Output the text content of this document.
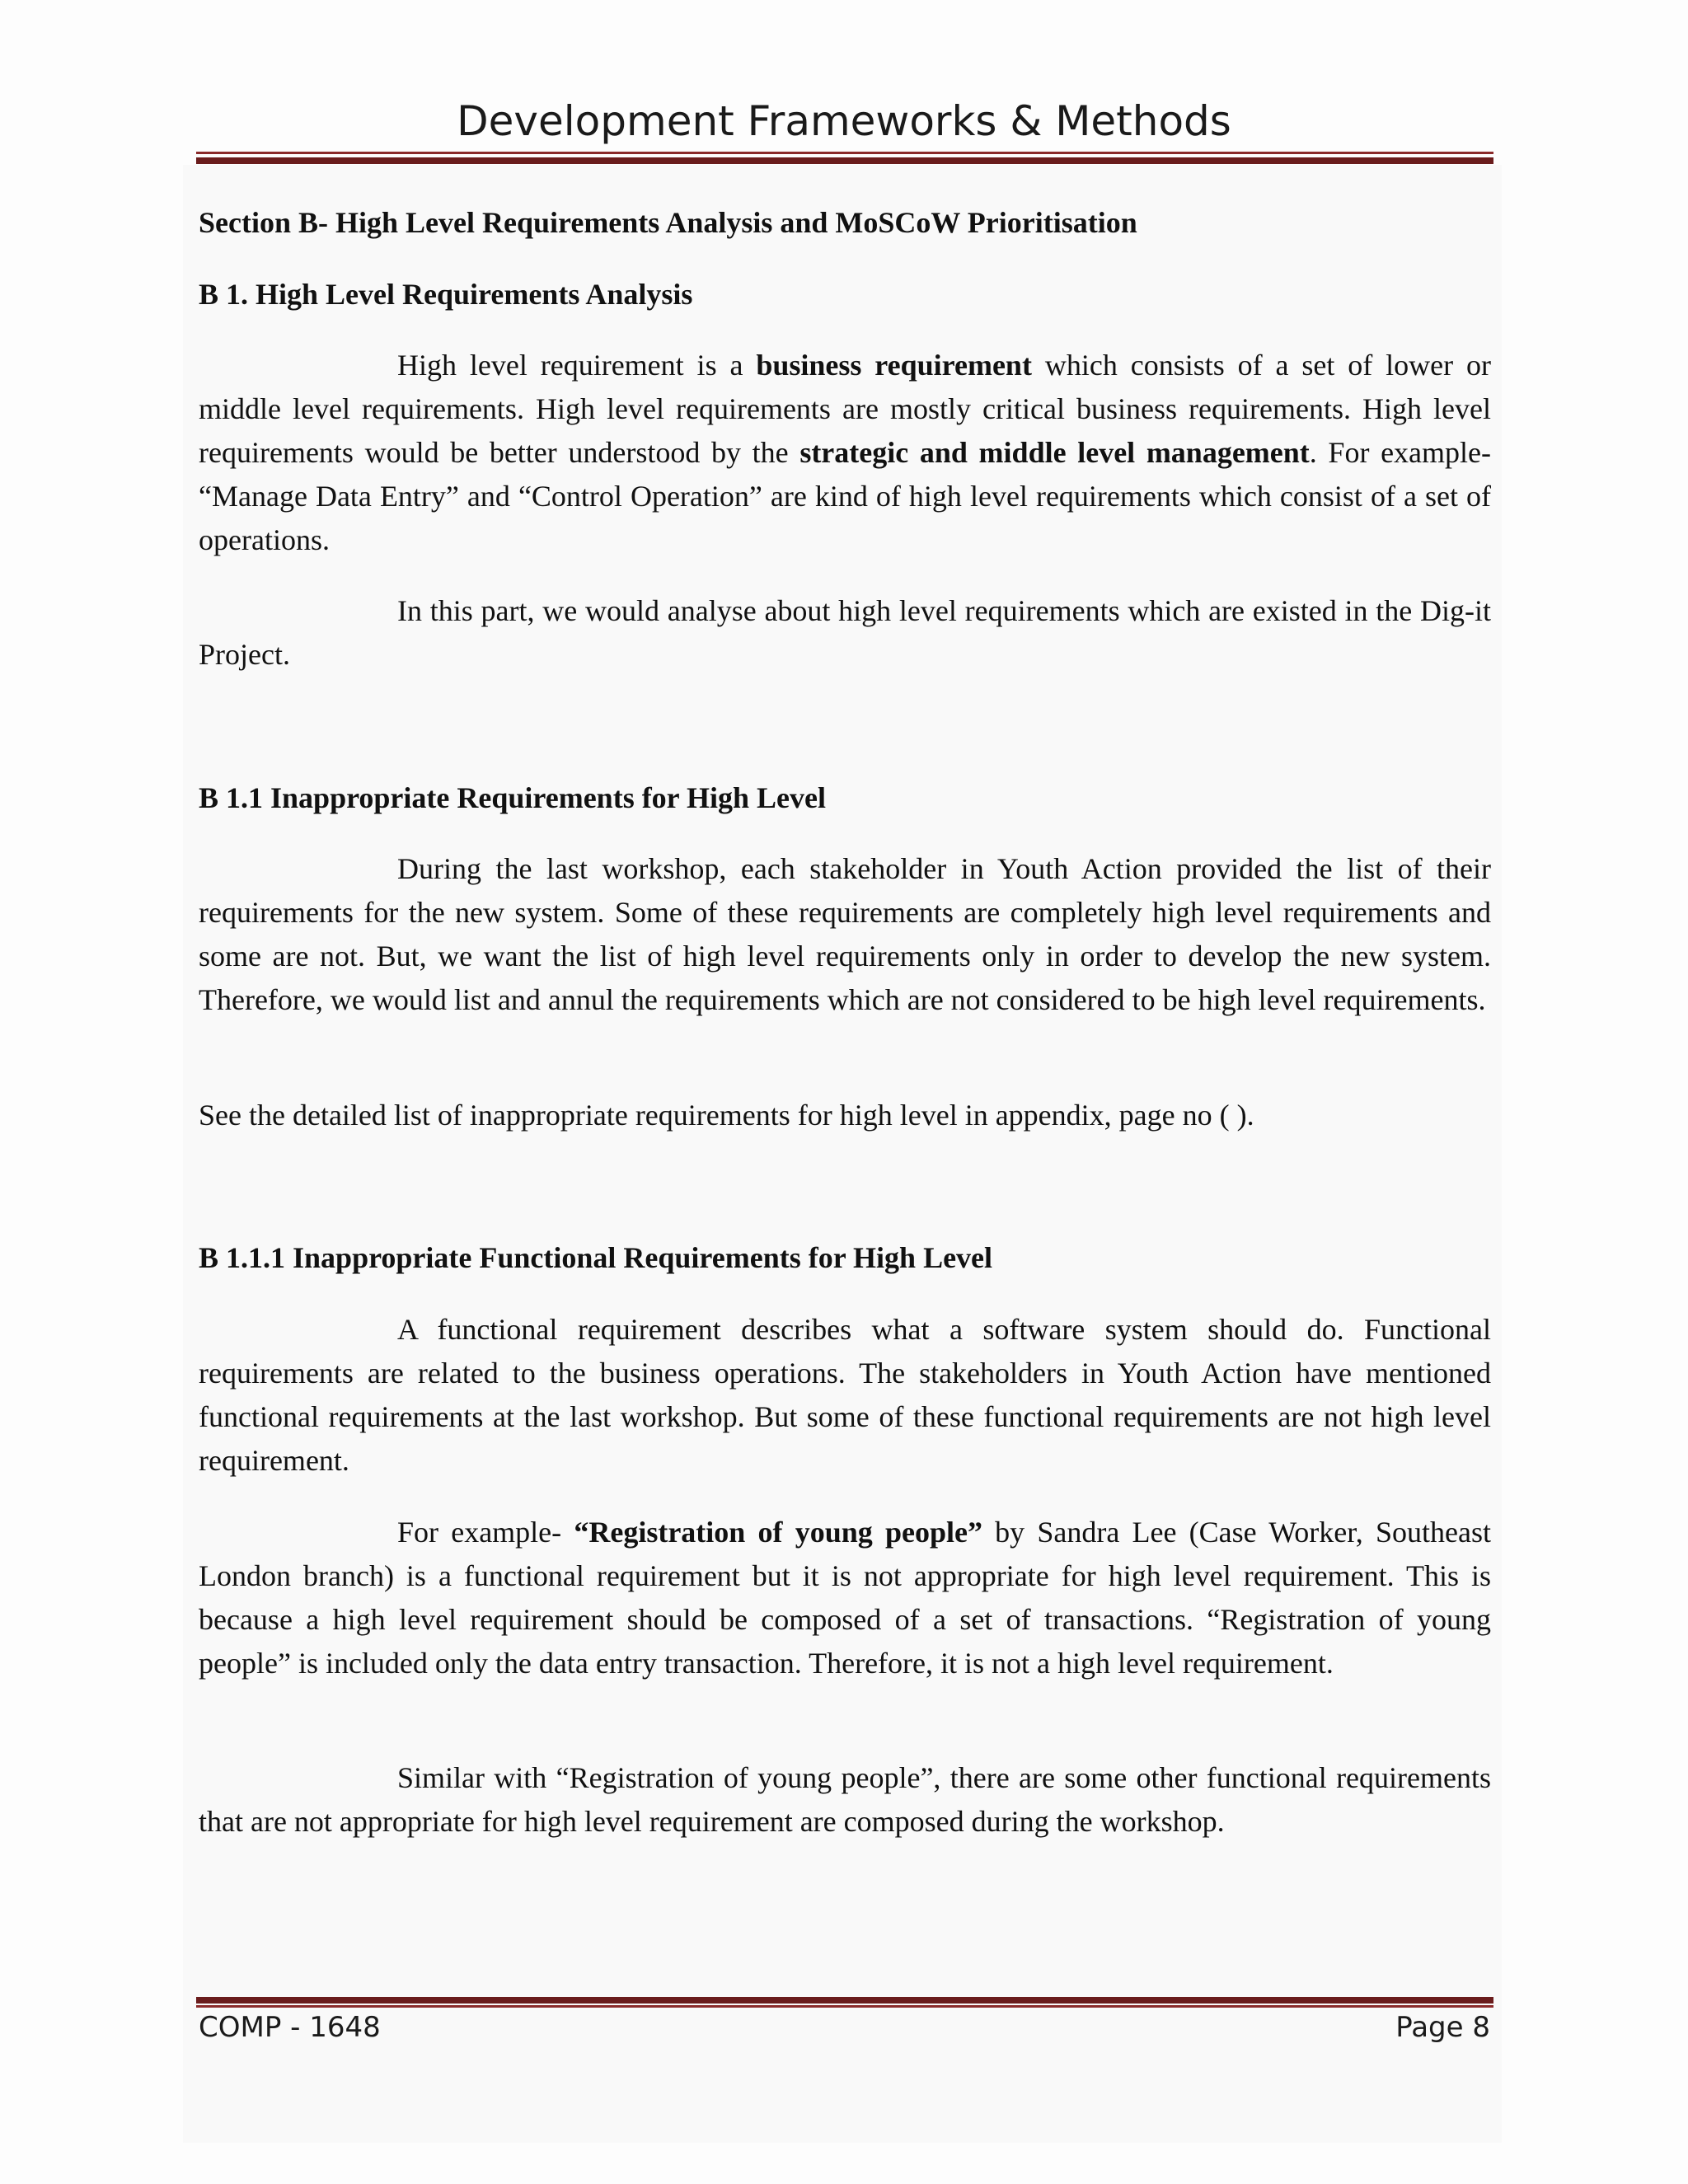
Development Frameworks & Methods
Section B- High Level Requirements Analysis and MoSCoW Prioritisation
B 1. High Level Requirements Analysis

High level requirement is a business requirement which consists of a set of lower or middle level requirements. High level requirements are mostly critical business requirements. High level requirements would be better understood by the strategic and middle level management. For example- “Manage Data Entry” and “Control Operation” are kind of high level requirements which consist of a set of operations.

In this part, we would analyse about high level requirements which are existed in the Dig-it Project.

B 1.1 Inappropriate Requirements for High Level

During the last workshop, each stakeholder in Youth Action provided the list of their requirements for the new system. Some of these requirements are completely high level requirements and some are not. But, we want the list of high level requirements only in order to develop the new system. Therefore, we would list and annul the requirements which are not considered to be high level requirements.

See the detailed list of inappropriate requirements for high level in appendix, page no ( ).

B 1.1.1 Inappropriate Functional Requirements for High Level

A functional requirement describes what a software system should do. Functional requirements are related to the business operations. The stakeholders in Youth Action have mentioned functional requirements at the last workshop. But some of these functional requirements are not high level requirement.

For example- “Registration of young people” by Sandra Lee (Case Worker, Southeast London branch) is a functional requirement but it is not appropriate for high level requirement. This is because a high level requirement should be composed of a set of transactions. “Registration of young people” is included only the data entry transaction. Therefore, it is not a high level requirement.

Similar with “Registration of young people”, there are some other functional requirements that are not appropriate for high level requirement are composed during the workshop.

COMP - 1648	Page 8
